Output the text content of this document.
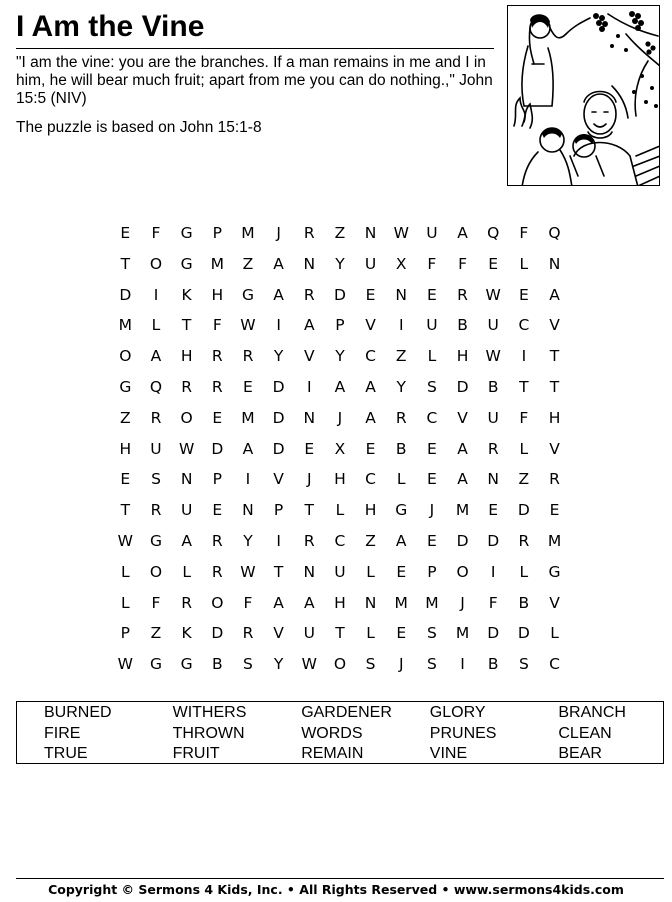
I Am the Vine
"I am the vine: you are the branches. If a man remains in me and I in him, he will bear much fruit; apart from me you can do nothing.," John 15:5 (NIV)
The puzzle is based on John 15:1-8
E	F	G	P	M	J	R	Z	N	W	U	A	Q	F	Q
T	O	G	M	Z	A	N	Y	U	X	F	F	E	L	N
D	I	K	H	G	A	R	D	E	N	E	R	W	E	A
M	L	T	F	W	I	A	P	V	I	U	B	U	C	V
O	A	H	R	R	Y	V	Y	C	Z	L	H	W	I	T
G	Q	R	R	E	D	I	A	A	Y	S	D	B	T	T
Z	R	O	E	M	D	N	J	A	R	C	V	U	F	H
H	U	W	D	A	D	E	X	E	B	E	A	R	L	V
E	S	N	P	I	V	J	H	C	L	E	A	N	Z	R
T	R	U	E	N	P	T	L	H	G	J	M	E	D	E
W	G	A	R	Y	I	R	C	Z	A	E	D	D	R	M
L	O	L	R	W	T	N	U	L	E	P	O	I	L	G
L	F	R	O	F	A	A	H	N	M	M	J	F	B	V
P	Z	K	D	R	V	U	T	L	E	S	M	D	D	L
W	G	G	B	S	Y	W	O	S	J	S	I	B	S	C
BURNED	WITHERS	GARDENER	GLORY	BRANCH
FIRE	THROWN	WORDS	PRUNES	CLEAN
TRUE	FRUIT	REMAIN	VINE	BEAR
Copyright © Sermons 4 Kids, Inc. • All Rights Reserved • www.sermons4kids.com
